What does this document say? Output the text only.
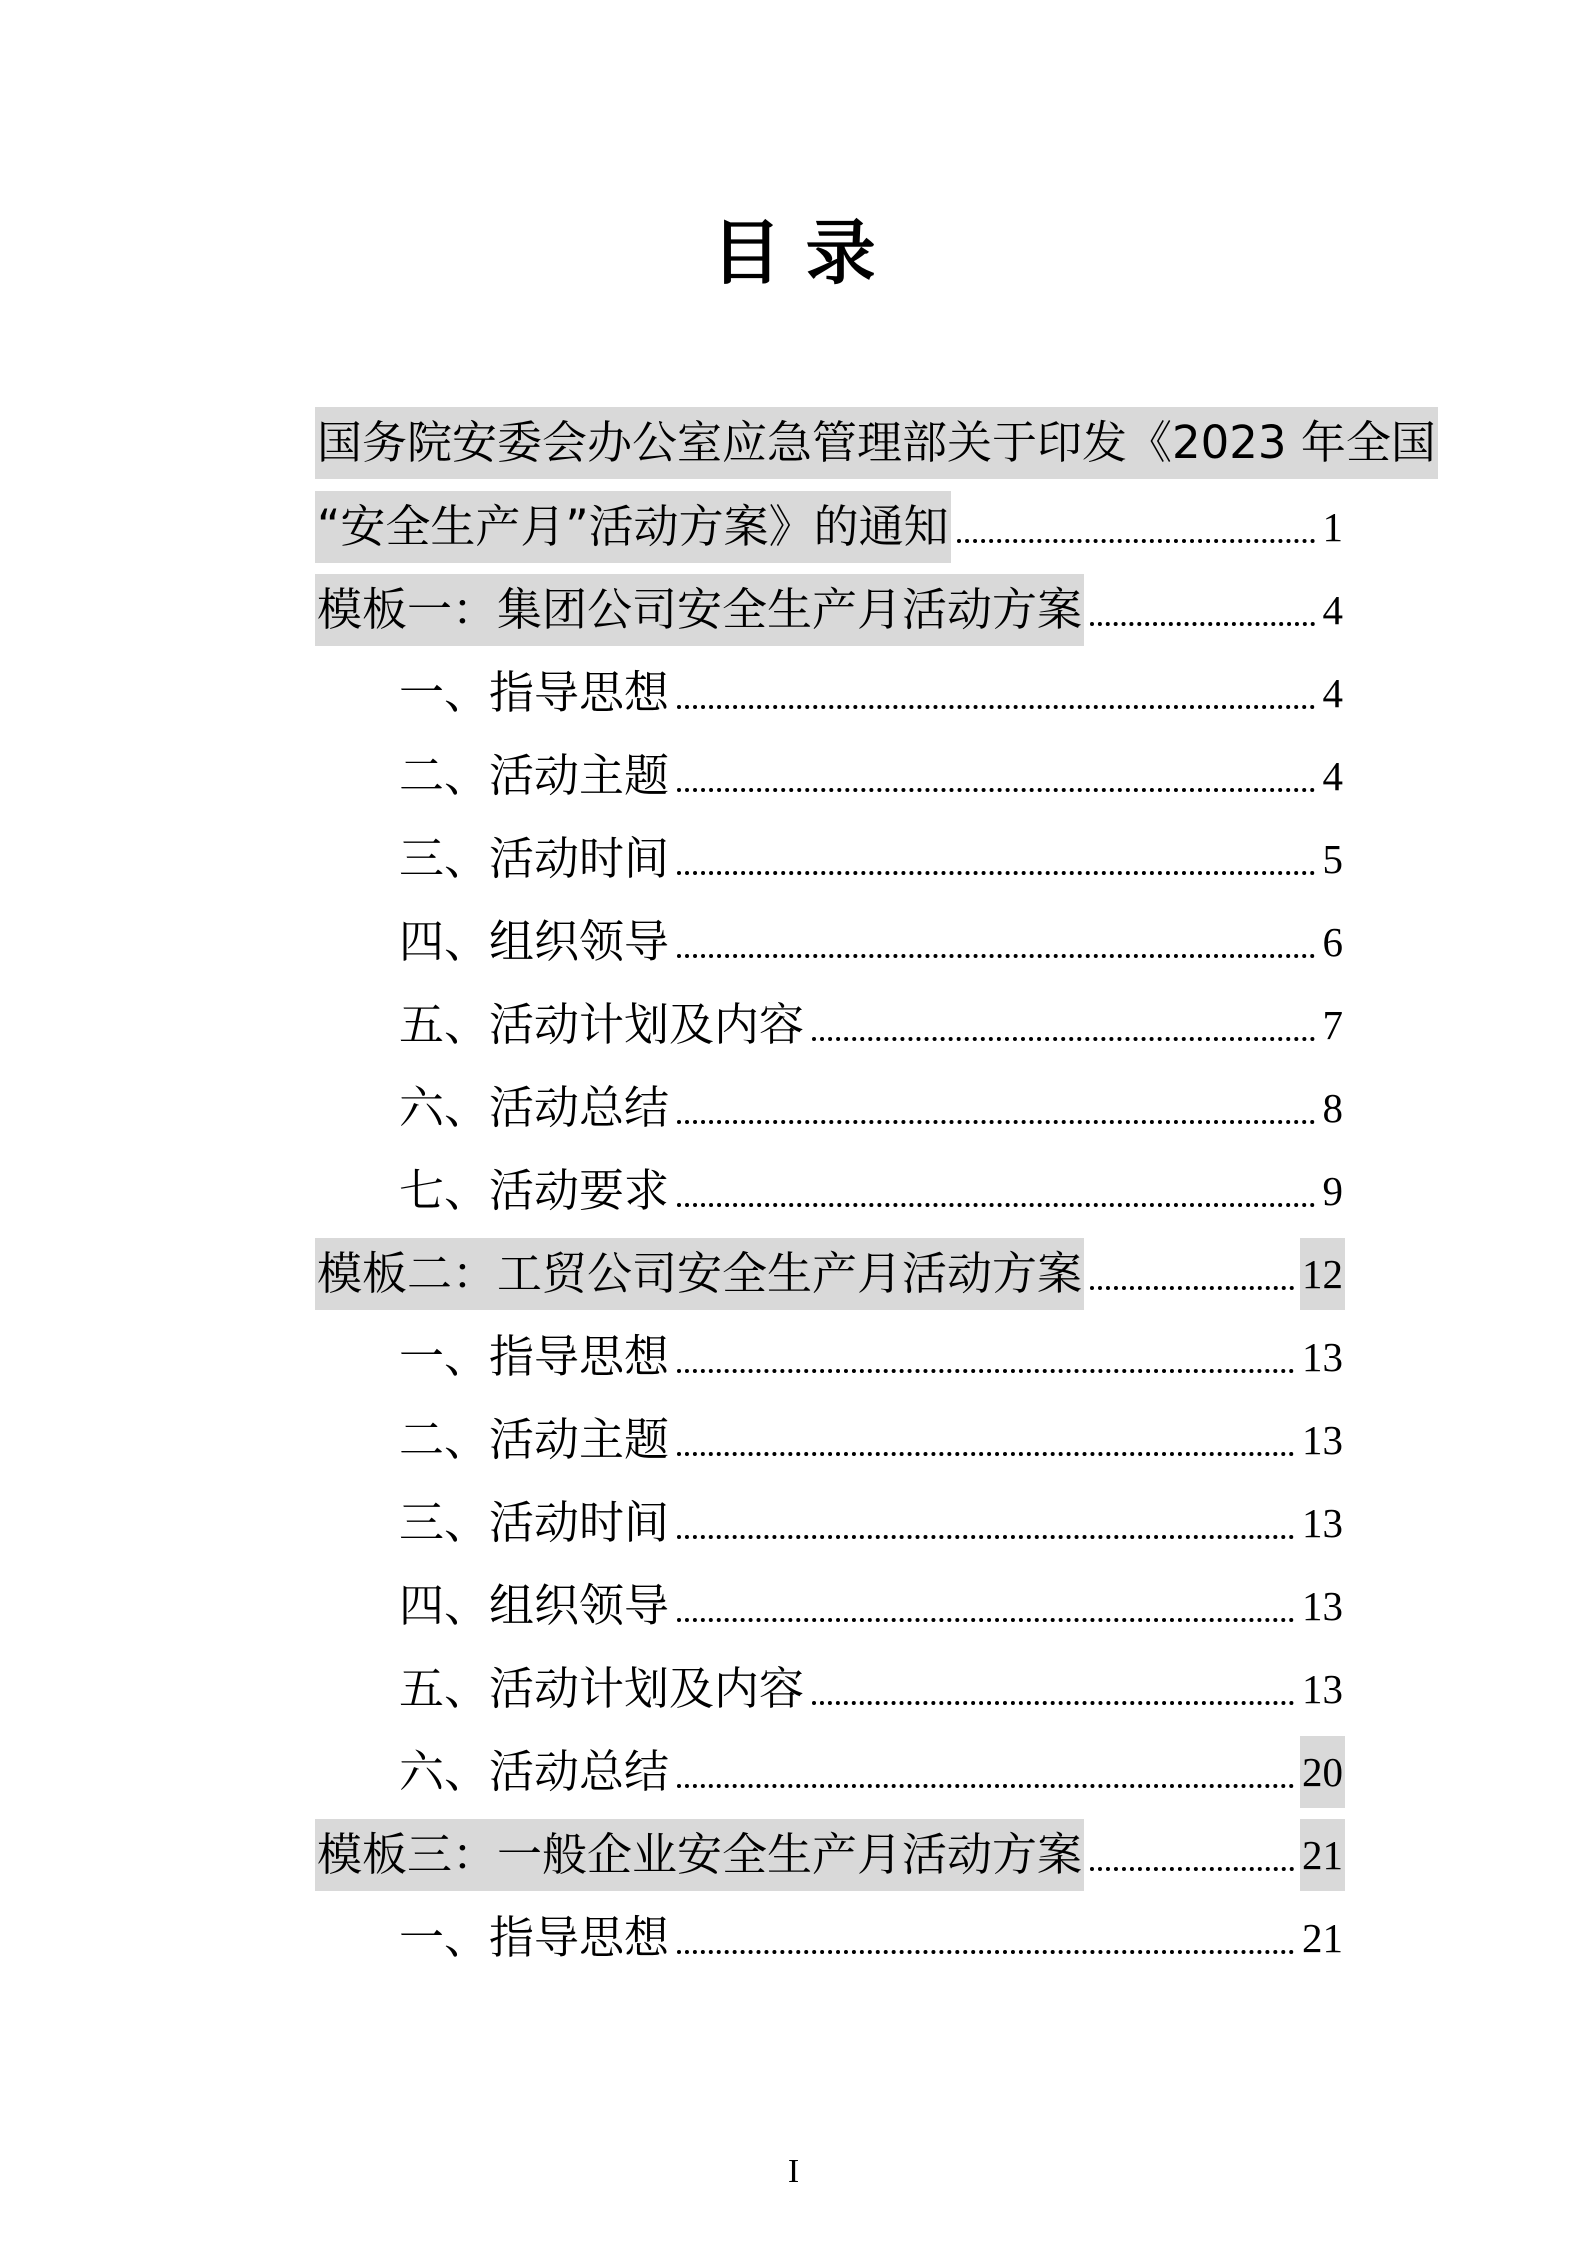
目 录
国务院安委会办公室应急管理部关于印发《2023 年全国
“安全生产月”活动方案》的通知	1
模板一：集团公司安全生产月活动方案	4
一、指导思想	4
二、活动主题	4
三、活动时间	5
四、组织领导	6
五、活动计划及内容	7
六、活动总结	8
七、活动要求	9
模板二：工贸公司安全生产月活动方案	12
一、指导思想	13
二、活动主题	13
三、活动时间	13
四、组织领导	13
五、活动计划及内容	13
六、活动总结	20
模板三：一般企业安全生产月活动方案	21
一、指导思想	21
I
